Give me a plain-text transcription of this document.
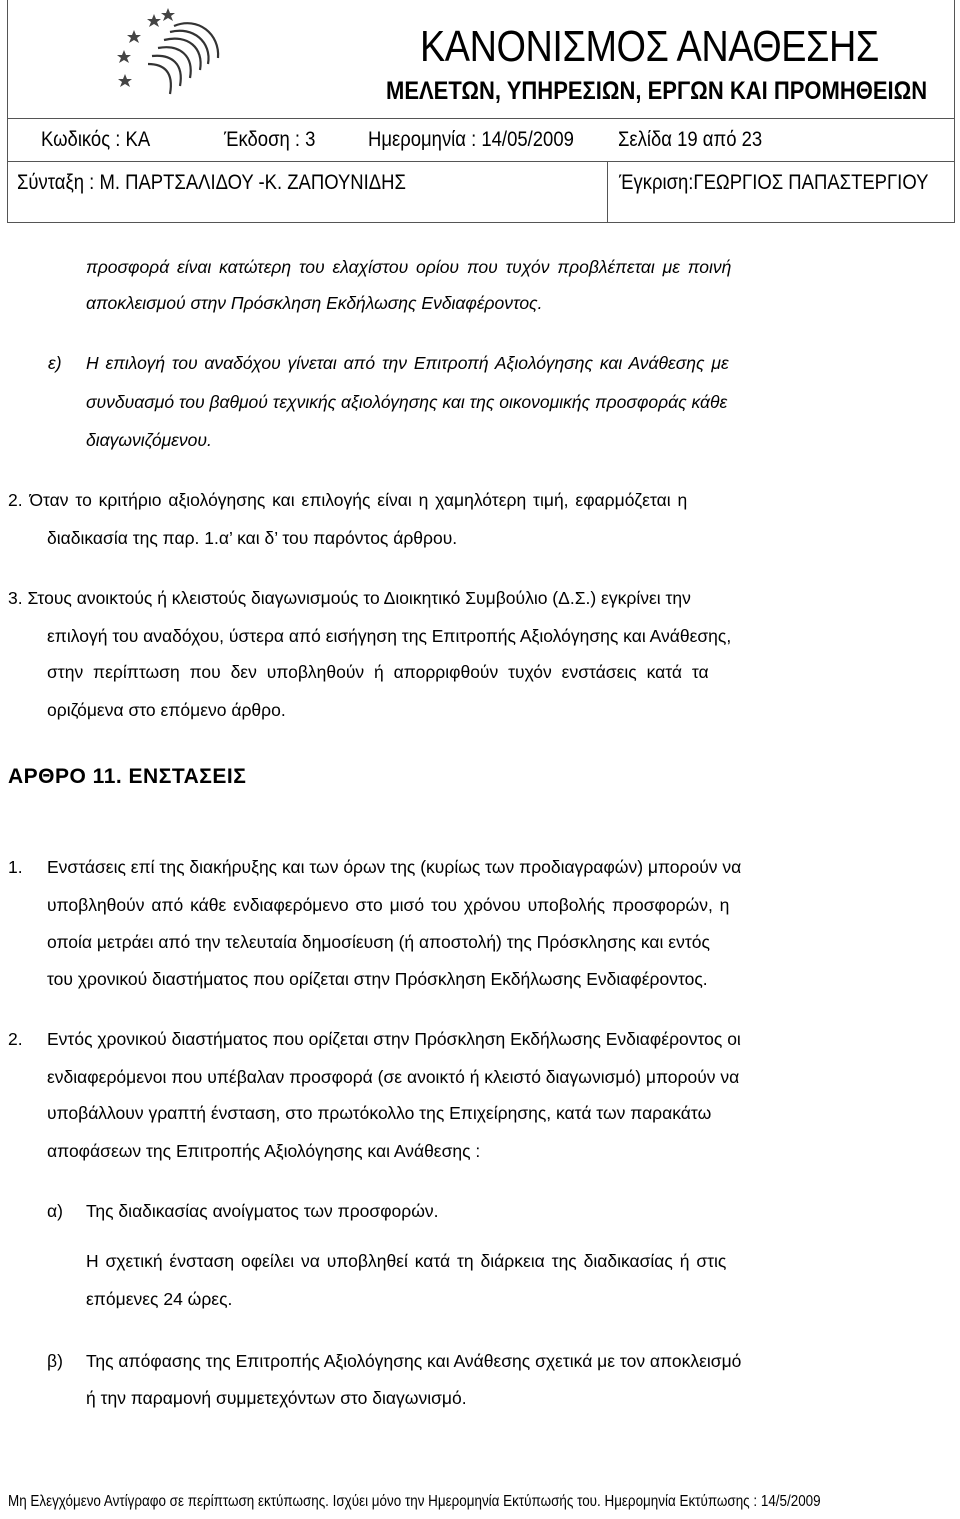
ΚΑΝΟΝΙΣΜΟΣ ΑΝΑΘΕΣΗΣ
ΜΕΛΕΤΩΝ, ΥΠΗΡΕΣΙΩΝ, ΕΡΓΩΝ ΚΑΙ ΠΡΟΜΗΘΕΙΩΝ
Κωδικός : ΚΑ	Έκδοση : 3	Ημερομηνία : 14/05/2009 Σελίδα 19 από 23
Σύνταξη : Μ. ΠΑΡΤΣΑΛΙΔΟΥ -Κ. ΖΑΠΟΥΝΙΔΗΣ	Έγκριση:ΓΕΩΡΓΙΟΣ ΠΑΠΑΣΤΕΡΓΙΟΥ
προσφορά είναι κατώτερη του ελαχίστου ορίου που τυχόν προβλέπεται με ποινή
αποκλεισμού στην Πρόσκληση Εκδήλωσης Ενδιαφέροντος.
ε) Η επιλογή του αναδόχου γίνεται από την Επιτροπή Αξιολόγησης και Ανάθεσης με
συνδυασμό του βαθμού τεχνικής αξιολόγησης και της οικονομικής προσφοράς κάθε
διαγωνιζόμενου.
2. Όταν το κριτήριο αξιολόγησης και επιλογής είναι η χαμηλότερη τιμή, εφαρμόζεται η
διαδικασία της παρ. 1.α’ και δ’ του παρόντος άρθρου.
3. Στους ανοικτούς ή κλειστούς διαγωνισμούς το Διοικητικό Συμβούλιο (Δ.Σ.) εγκρίνει την
επιλογή του αναδόχου, ύστερα από εισήγηση της Επιτροπής Αξιολόγησης και Ανάθεσης,
στην περίπτωση που δεν υποβληθούν ή απορριφθούν τυχόν ενστάσεις κατά τα
οριζόμενα στο επόμενο άρθρο.
ΑΡΘΡΟ 11. ΕΝΣΤΑΣΕΙΣ
1. Ενστάσεις επί της διακήρυξης και των όρων της (κυρίως των προδιαγραφών) μπορούν να
υποβληθούν από κάθε ενδιαφερόμενο στο μισό του χρόνου υποβολής προσφορών, η
οποία μετράει από την τελευταία δημοσίευση (ή αποστολή) της Πρόσκλησης και εντός
του χρονικού διαστήματος που ορίζεται στην Πρόσκληση Εκδήλωσης Ενδιαφέροντος.
2. Εντός χρονικού διαστήματος που ορίζεται στην Πρόσκληση Εκδήλωσης Ενδιαφέροντος οι
ενδιαφερόμενοι που υπέβαλαν προσφορά (σε ανοικτό ή κλειστό διαγωνισμό) μπορούν να
υποβάλλουν γραπτή ένσταση, στο πρωτόκολλο της Επιχείρησης, κατά των παρακάτω
αποφάσεων της Επιτροπής Αξιολόγησης και Ανάθεσης :
α) Της διαδικασίας ανοίγματος των προσφορών.
Η σχετική ένσταση οφείλει να υποβληθεί κατά τη διάρκεια της διαδικασίας ή στις
επόμενες 24 ώρες.
β) Της απόφασης της Επιτροπής Αξιολόγησης και Ανάθεσης σχετικά με τον αποκλεισμό
ή την παραμονή συμμετεχόντων στο διαγωνισμό.
Μη Ελεγχόμενο Αντίγραφο σε περίπτωση εκτύπωσης. Ισχύει μόνο την Ημερομηνία Εκτύπωσής του. Ημερομηνία Εκτύπωσης : 14/5/2009
